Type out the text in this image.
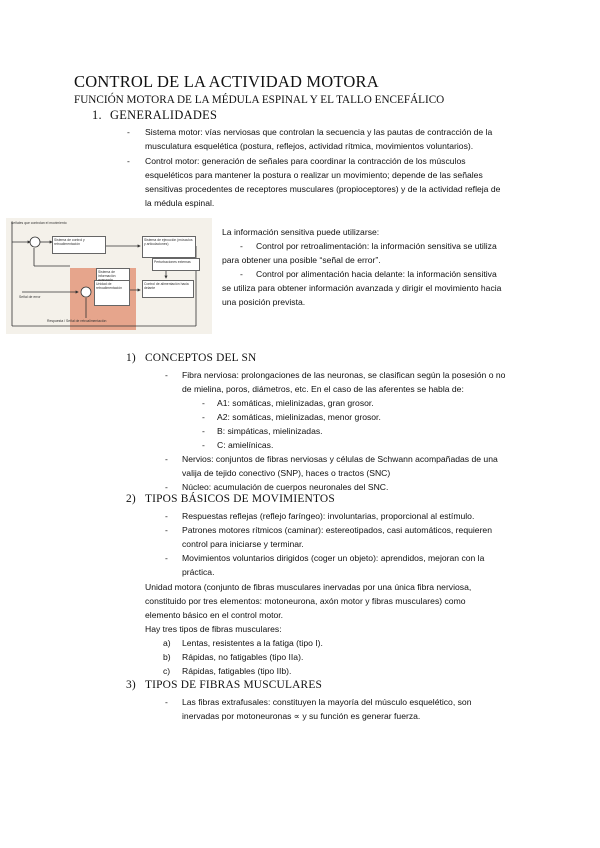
CONTROL DE LA ACTIVIDAD MOTORA
FUNCIÓN MOTORA DE LA MÉDULA ESPINAL Y EL TALLO ENCEFÁLICO
1. GENERALIDADES
- Sistema motor: vías nerviosas que controlan la secuencia y las pautas de contracción de la
musculatura esquelética (postura, reflejos, actividad rítmica, movimientos voluntarios).
- Control motor: generación de señales para coordinar la contracción de los músculos
esqueléticos para mantener la postura o realizar un movimiento; depende de las señales
sensitivas procedentes de receptores musculares (propioceptores) y de la actividad refleja de
la médula espinal.
Sistema de control y retroalimentación
Sistema de ejecución (músculos y articulaciones)
Unidad de retroalimentación
Control de alimentación hacia delante
Perturbaciones externas
Sistema de información avanzada
Señales que controlan el movimiento
Señal de error
Respuesta / Señal de retroalimentación
La información sensitiva puede utilizarse:
- Control por retroalimentación: la información sensitiva se utiliza
para obtener una posible “señal de error”.
- Control por alimentación hacia delante: la información sensitiva
se utiliza para obtener información avanzada y dirigir el movimiento hacia
una posición prevista.
1) CONCEPTOS DEL SN
- Fibra nerviosa: prolongaciones de las neuronas, se clasifican según la posesión o no
de mielina, poros, diámetros, etc. En el caso de las aferentes se habla de:
- A1: somáticas, mielinizadas, gran grosor.
- A2: somáticas, mielinizadas, menor grosor.
- B: simpáticas, mielinizadas.
- C: amielínicas.
- Nervios: conjuntos de fibras nerviosas y células de Schwann acompañadas de una
valija de tejido conectivo (SNP), haces o tractos (SNC)
- Núcleo: acumulación de cuerpos neuronales del SNC.
2) TIPOS BÁSICOS DE MOVIMIENTOS
- Respuestas reflejas (reflejo faríngeo): involuntarias, proporcional al estímulo.
- Patrones motores rítmicos (caminar): estereotipados, casi automáticos, requieren
control para iniciarse y terminar.
- Movimientos voluntarios dirigidos (coger un objeto): aprendidos, mejoran con la
práctica.
Unidad motora (conjunto de fibras musculares inervadas por una única fibra nerviosa,
constituido por tres elementos: motoneurona, axón motor y fibras musculares) como
elemento básico en el control motor.
Hay tres tipos de fibras musculares:
a) Lentas, resistentes a la fatiga (tipo I).
b) Rápidas, no fatigables (tipo IIa).
c) Rápidas, fatigables (tipo IIb).
3) TIPOS DE FIBRAS MUSCULARES
- Las fibras extrafusales: constituyen la mayoría del músculo esquelético, son
inervadas por motoneuronas ∝ y su función es generar fuerza.
